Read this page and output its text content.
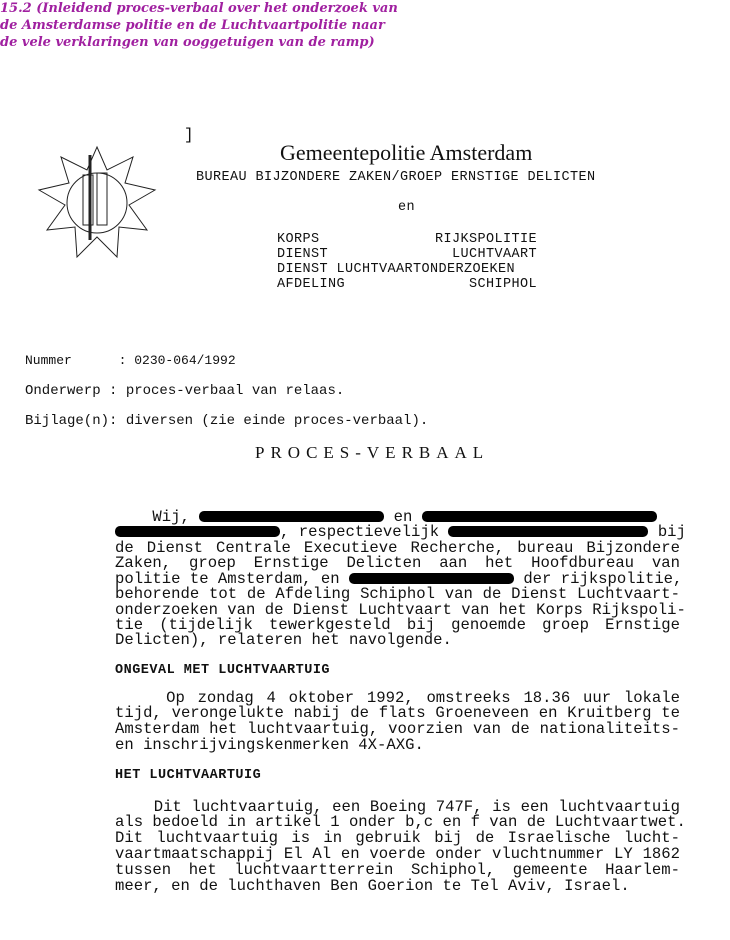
15.2 (Inleidend proces-verbaal over het onderzoek van
de Amsterdamse politie en de Luchtvaartpolitie naar
de vele verklaringen van ooggetuigen van de ramp)
]
Gemeentepolitie Amsterdam
BUREAU BIJZONDERE ZAKEN/GROEP ERNSTIGE DELICTEN
en
KORPS	RIJKSPOLITIE
DIENST	LUCHTVAART
DIENST LUCHTVAARTONDERZOEKEN
AFDELING	SCHIPHOL
Nummer      : 0230-064/1992
Onderwerp : proces-verbaal van relaas.
Bijlage(n): diversen (zie einde proces-verbaal).
PROCES-VERBAAL
Wij,	en
, respectievelijk	bij
de Dienst Centrale Executieve Recherche, bureau Bijzondere
Zaken, groep Ernstige Delicten aan het Hoofdbureau van
politie te Amsterdam, en	der rijkspolitie,
behorende tot de Afdeling Schiphol van de Dienst Luchtvaart-
onderzoeken van de Dienst Luchtvaart van het Korps Rijkspoli-
tie (tijdelijk tewerkgesteld bij genoemde groep Ernstige
Delicten), relateren het navolgende.
ONGEVAL MET LUCHTVAARTUIG
Op zondag 4 oktober 1992, omstreeks 18.36 uur lokale
tijd, verongelukte nabij de flats Groeneveen en Kruitberg te
Amsterdam het luchtvaartuig, voorzien van de nationaliteits-
en inschrijvingskenmerken 4X-AXG.
HET LUCHTVAARTUIG
Dit luchtvaartuig, een Boeing 747F, is een luchtvaartuig
als bedoeld in artikel 1 onder b,c en f van de Luchtvaartwet.
Dit luchtvaartuig is in gebruik bij de Israelische lucht-
vaartmaatschappij El Al en voerde onder vluchtnummer LY 1862
tussen het luchtvaartterrein Schiphol, gemeente Haarlem-
meer, en de luchthaven Ben Goerion te Tel Aviv, Israel.
